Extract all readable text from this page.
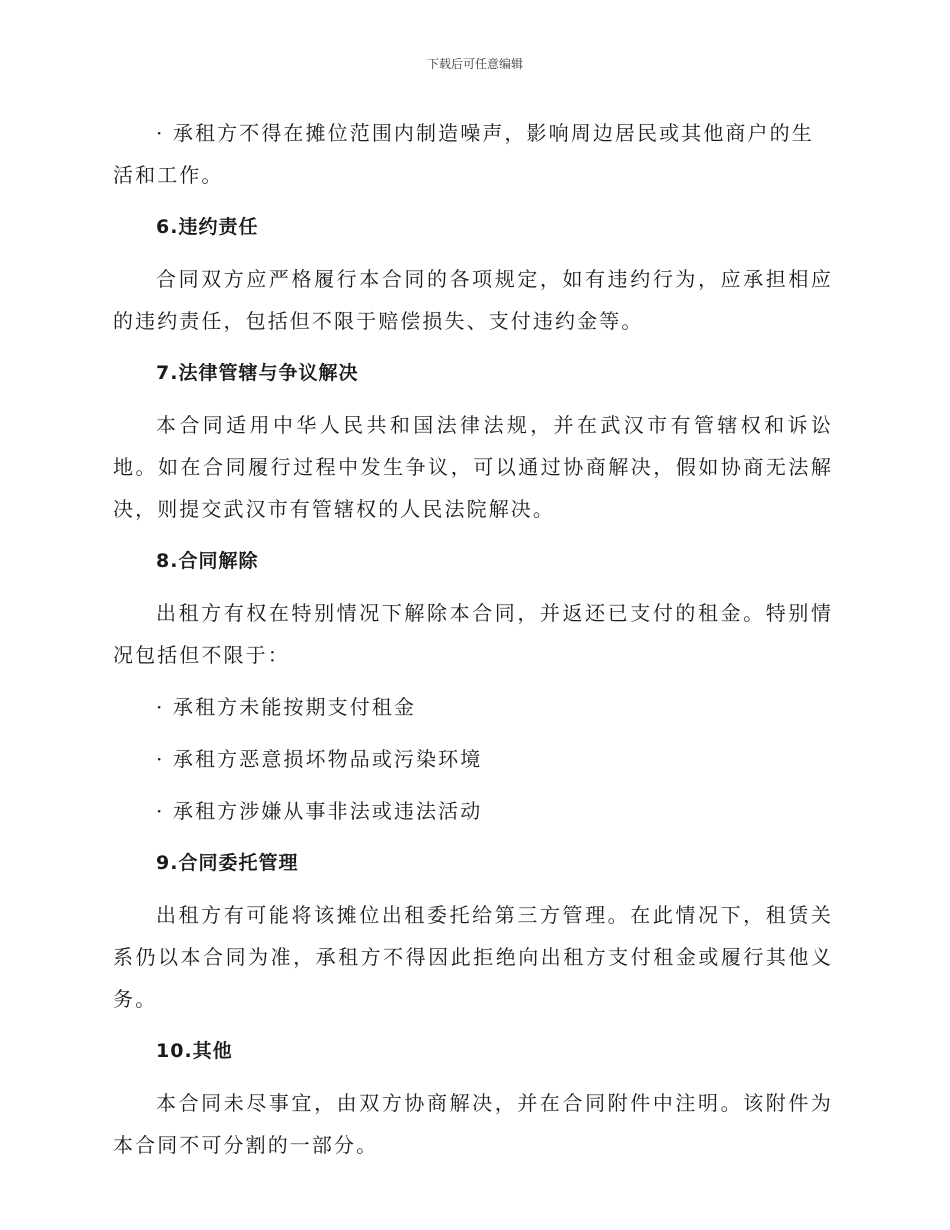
下载后可任意编辑

· 承租方不得在摊位范围内制造噪声，影响周边居民或其他商户的生活和工作。

6.违约责任

合同双方应严格履行本合同的各项规定，如有违约行为，应承担相应的违约责任，包括但不限于赔偿损失、支付违约金等。

7.法律管辖与争议解决

本合同适用中华人民共和国法律法规，并在武汉市有管辖权和诉讼地。如在合同履行过程中发生争议，可以通过协商解决，假如协商无法解决，则提交武汉市有管辖权的人民法院解决。

8.合同解除

出租方有权在特别情况下解除本合同，并返还已支付的租金。特别情况包括但不限于：

· 承租方未能按期支付租金

· 承租方恶意损坏物品或污染环境

· 承租方涉嫌从事非法或违法活动

9.合同委托管理

出租方有可能将该摊位出租委托给第三方管理。在此情况下，租赁关系仍以本合同为准，承租方不得因此拒绝向出租方支付租金或履行其他义务。

10.其他

本合同未尽事宜，由双方协商解决，并在合同附件中注明。该附件为本合同不可分割的一部分。
